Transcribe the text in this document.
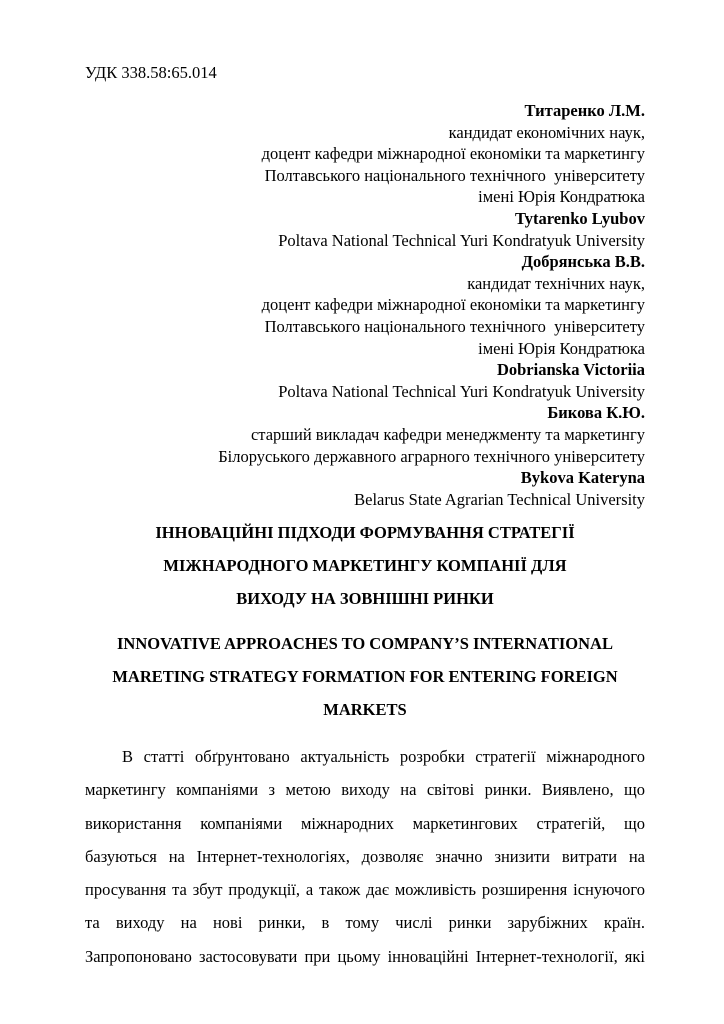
УДК 338.58:65.014
Титаренко Л.М.
кандидат економічних наук,
доцент кафедри міжнародної економіки та маркетингу
Полтавського національного технічного  університету
імені Юрія Кондратюка
Tytarenko Lyubov
Poltava National Technical Yuri Kondratyuk University
Добрянська В.В.
кандидат технічних наук,
доцент кафедри міжнародної економіки та маркетингу
Полтавського національного технічного  університету
імені Юрія Кондратюка
Dobrianska Victoriia
Poltava National Technical Yuri Kondratyuk University
Бикова К.Ю.
старший викладач кафедри менеджменту та маркетингу
Білоруського державного аграрного технічного університету
Bykova Kateryna
Belarus State Agrarian Technical University
ІННОВАЦІЙНІ ПІДХОДИ ФОРМУВАННЯ СТРАТЕГІЇ
МІЖНАРОДНОГО МАРКЕТИНГУ КОМПАНІЇ ДЛЯ
ВИХОДУ НА ЗОВНІШНІ РИНКИ
INNOVATIVE APPROACHES TO COMPANY’S INTERNATIONAL
MARETING STRATEGY FORMATION FOR ENTERING FOREIGN
MARKETS
В статті обґрунтовано актуальність розробки стратегії міжнародного
маркетингу компаніями з метою виходу на світові ринки. Виявлено, що
використання компаніями міжнародних маркетингових стратегій, що
базуються на Інтернет-технологіях, дозволяє значно знизити витрати на
просування та збут продукції, а також дає можливість розширення існуючого
та виходу на нові ринки, в тому числі ринки зарубіжних країн.
Запропоновано застосовувати при цьому інноваційні Інтернет-технології, які
